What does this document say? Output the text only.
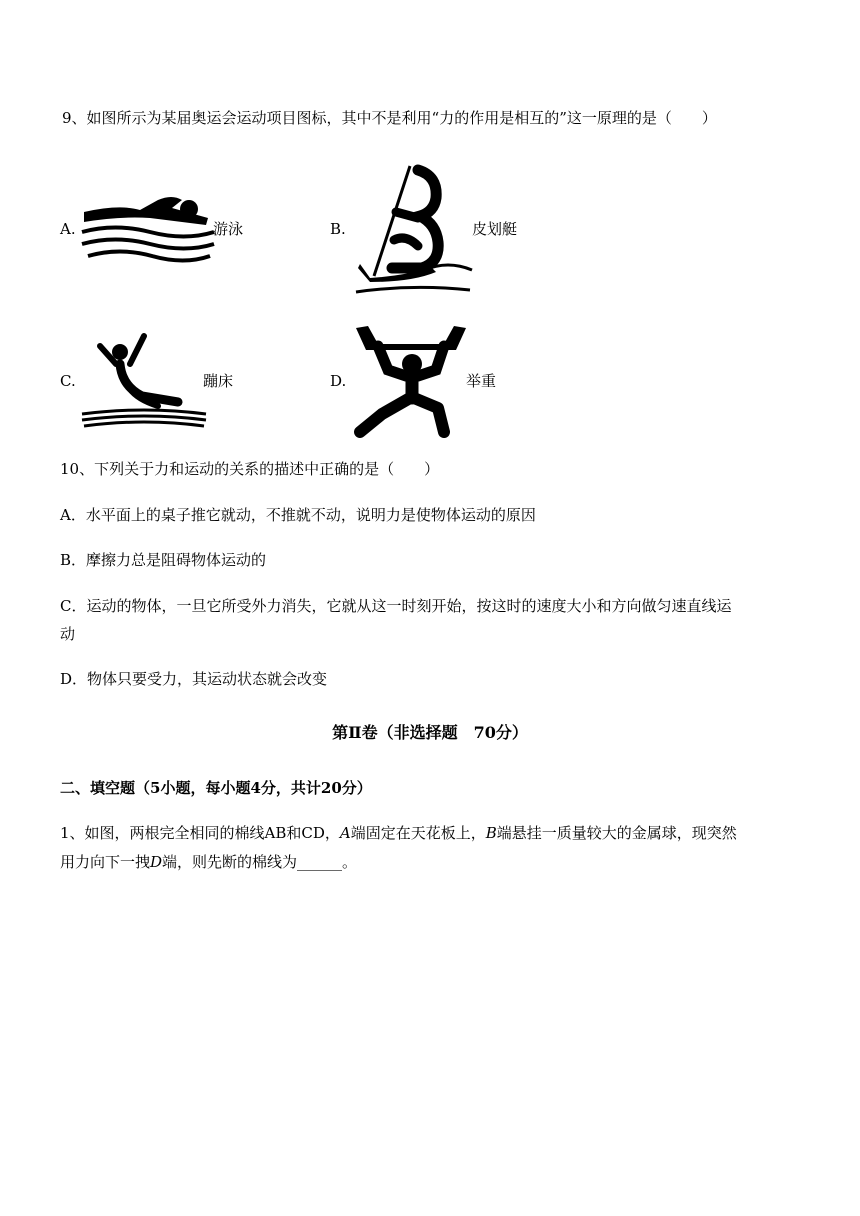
9、如图所示为某届奥运会运动项目图标，其中不是利用“力的作用是相互的”这一原理的是（　　）
A.	游泳	B.	皮划艇
C.	蹦床	D.	举重
10、下列关于力和运动的关系的描述中正确的是（　　）
A．水平面上的桌子推它就动，不推就不动，说明力是使物体运动的原因
B．摩擦力总是阻碍物体运动的
C．运动的物体，一旦它所受外力消失，它就从这一时刻开始，按这时的速度大小和方向做匀速直线运
动
D．物体只要受力，其运动状态就会改变
第Ⅱ卷（非选择题　70分）
二、填空题（5小题，每小题4分，共计20分）
1、如图，两根完全相同的棉线AB和CD，A端固定在天花板上，B端悬挂一质量较大的金属球，现突然
用力向下一拽D端，则先断的棉线为______。
